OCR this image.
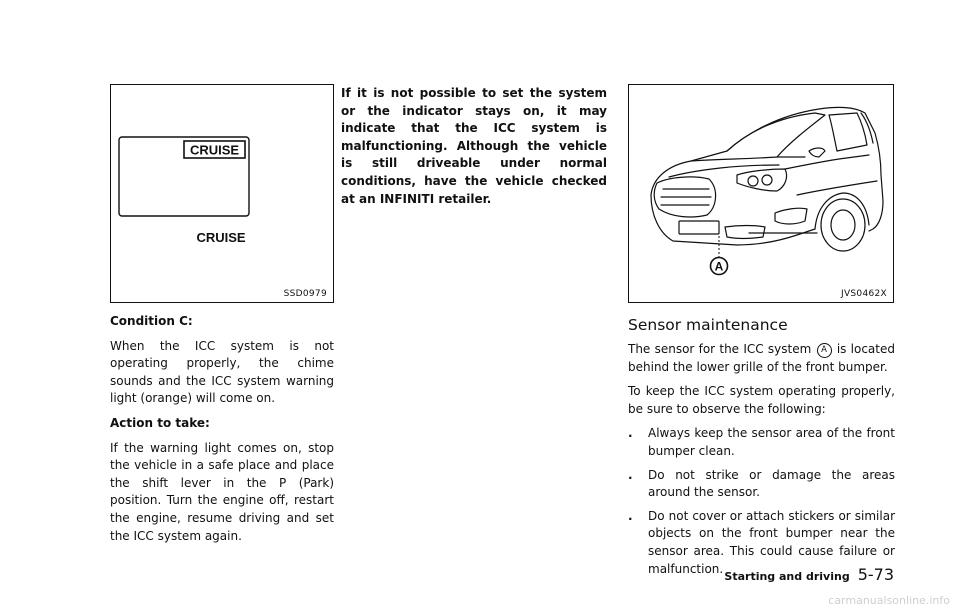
CRUISE
CRUISE
SSD0979

Condition C:

When the ICC system is not operating properly, the chime sounds and the ICC system warning light (orange) will come on.

Action to take:

If the warning light comes on, stop the vehicle in a safe place and place the shift lever in the P (Park) position. Turn the engine off, restart the engine, resume driving and set the ICC system again.

If it is not possible to set the system or the indicator stays on, it may indicate that the ICC system is malfunctioning. Although the vehicle is still driveable under normal conditions, have the vehicle checked at an INFINITI retailer.

A
JVS0462X
Sensor maintenance

The sensor for the ICC system A is located behind the lower grille of the front bumper.

To keep the ICC system operating properly, be sure to observe the following:

. Always keep the sensor area of the front bumper clean.
. Do not strike or damage the areas around the sensor.
. Do not cover or attach stickers or similar objects on the front bumper near the sensor area. This could cause failure or malfunction.
Starting and driving 5-73
carmanualsonline.info
